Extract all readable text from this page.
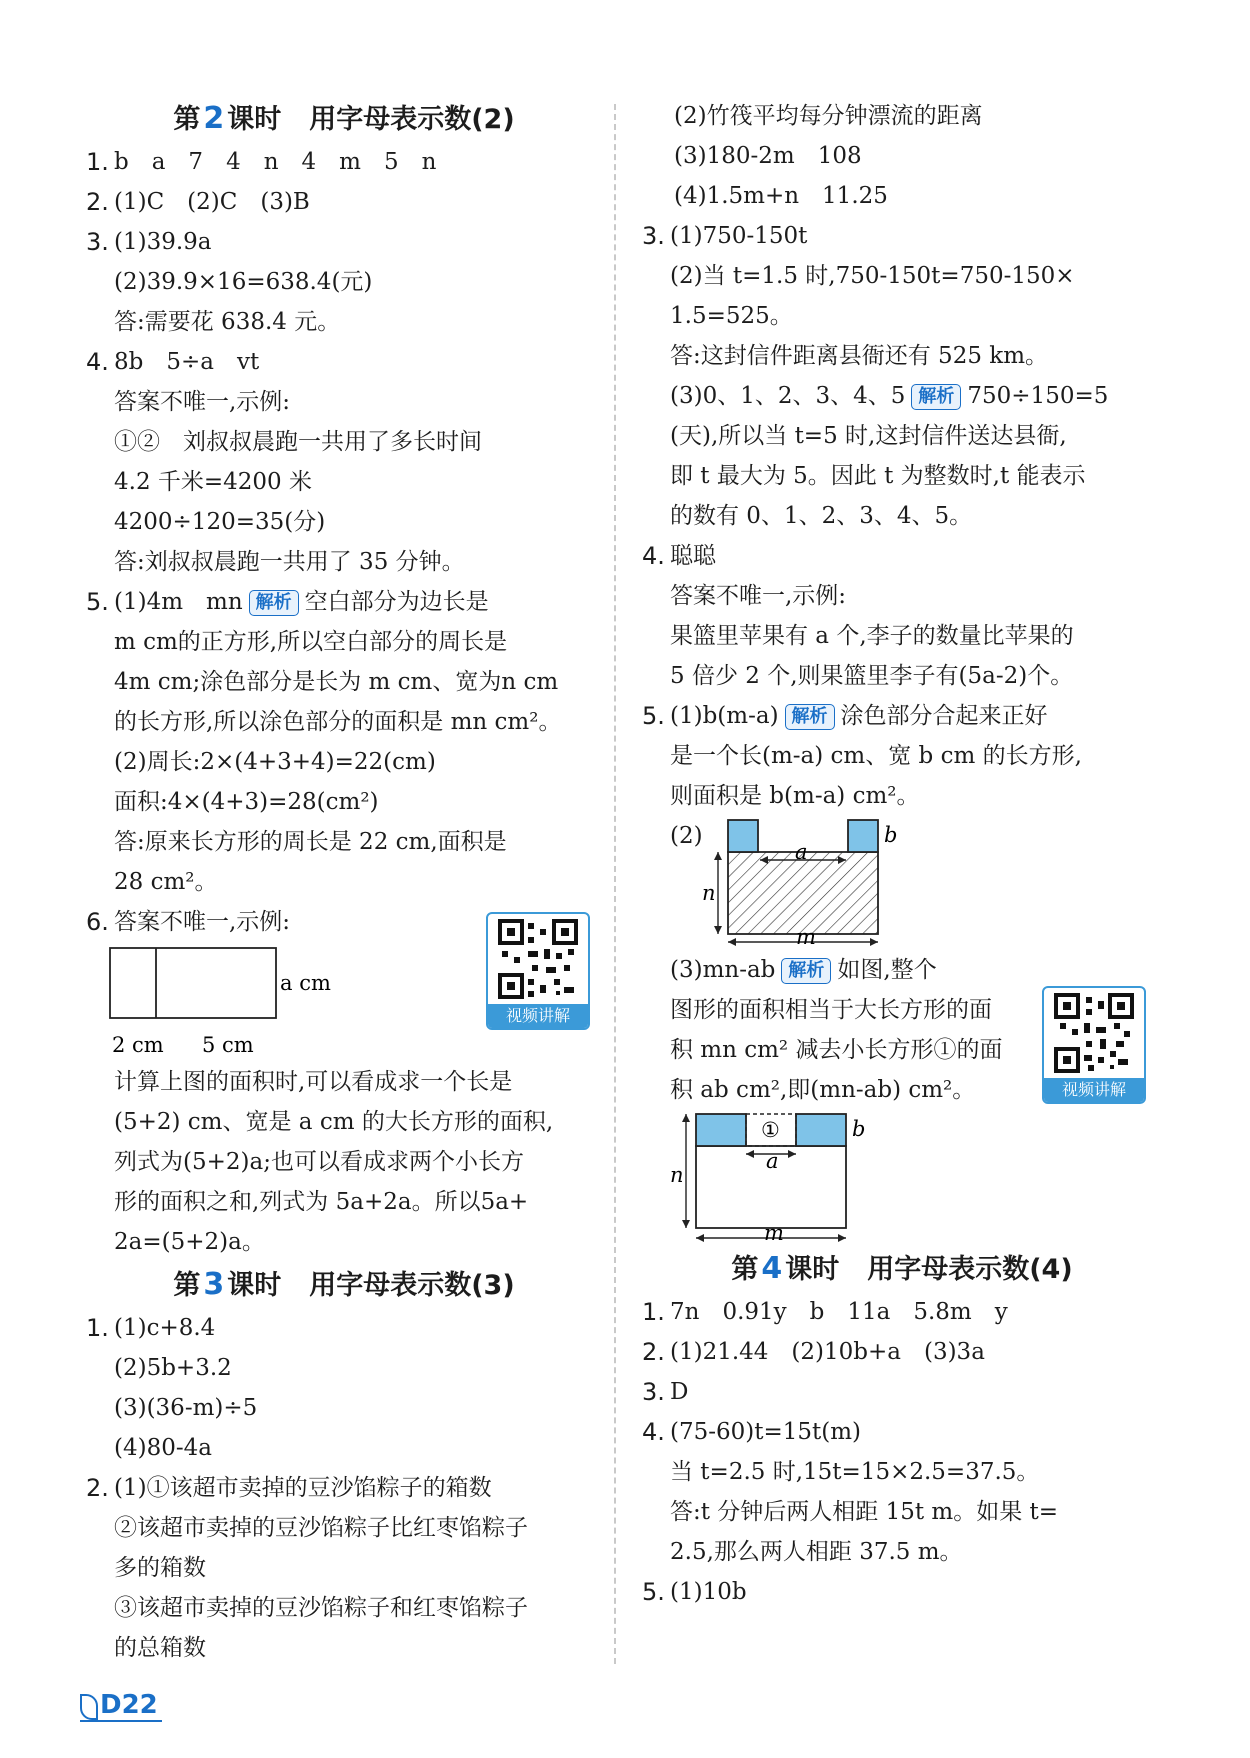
第 2 课时 用字母表示数(2)
1. b　a　7　4　n　4　m　5　n
2. (1)C　(2)C　(3)B
3. (1)39.9a
(2)39.9×16=638.4(元)
答:需要花 638.4 元。
4. 8b　5÷a　vt
答案不唯一,示例:
①②　刘叔叔晨跑一共用了多长时间
4.2 千米=4200 米
4200÷120=35(分)
答:刘叔叔晨跑一共用了 35 分钟。
5. (1)4m　mn 解析 空白部分为边长是
m cm的正方形,所以空白部分的周长是
4m cm;涂色部分是长为 m cm、宽为n cm
的长方形,所以涂色部分的面积是 mn cm²。
(2)周长:2×(4+3+4)=22(cm)
面积:4×(4+3)=28(cm²)
答:原来长方形的周长是 22 cm,面积是
28 cm²。
6. 答案不唯一,示例:
a cm
2 cm 5 cm
计算上图的面积时,可以看成求一个长是
(5+2) cm、宽是 a cm 的大长方形的面积,
列式为(5+2)a;也可以看成求两个小长方
形的面积之和,列式为 5a+2a。所以5a+
2a=(5+2)a。
第 3 课时 用字母表示数(3)
1. (1)c+8.4
(2)5b+3.2
(3)(36-m)÷5
(4)80-4a
2. (1)①该超市卖掉的豆沙馅粽子的箱数
②该超市卖掉的豆沙馅粽子比红枣馅粽子
多的箱数
③该超市卖掉的豆沙馅粽子和红枣馅粽子
的总箱数
视频讲解
(2)竹筏平均每分钟漂流的距离
(3)180-2m　108
(4)1.5m+n　11.25
3. (1)750-150t
(2)当 t=1.5 时,750-150t=750-150×
1.5=525。
答:这封信件距离县衙还有 525 km。
(3)0、1、2、3、4、5 解析 750÷150=5
(天),所以当 t=5 时,这封信件送达县衙,
即 t 最大为 5。因此 t 为整数时,t 能表示
的数有 0、1、2、3、4、5。
4. 聪聪
答案不唯一,示例:
果篮里苹果有 a 个,李子的数量比苹果的
5 倍少 2 个,则果篮里李子有(5a-2)个。
5. (1)b(m-a) 解析 涂色部分合起来正好
是一个长(m-a) cm、宽 b cm 的长方形,
则面积是 b(m-a) cm²。
(2)
a
b
n
m
(3)mn-ab 解析 如图,整个
图形的面积相当于大长方形的面
积 mn cm² 减去小长方形①的面
积 ab cm²,即(mn-ab) cm²。
①
a
b
n
m
第 4 课时 用字母表示数(4)
1. 7n　0.91y　b　11a　5.8m　y
2. (1)21.44　(2)10b+a　(3)3a
3. D
4. (75-60)t=15t(m)
当 t=2.5 时,15t=15×2.5=37.5。
答:t 分钟后两人相距 15t m。如果 t=
2.5,那么两人相距 37.5 m。
5. (1)10b
视频讲解
D22
